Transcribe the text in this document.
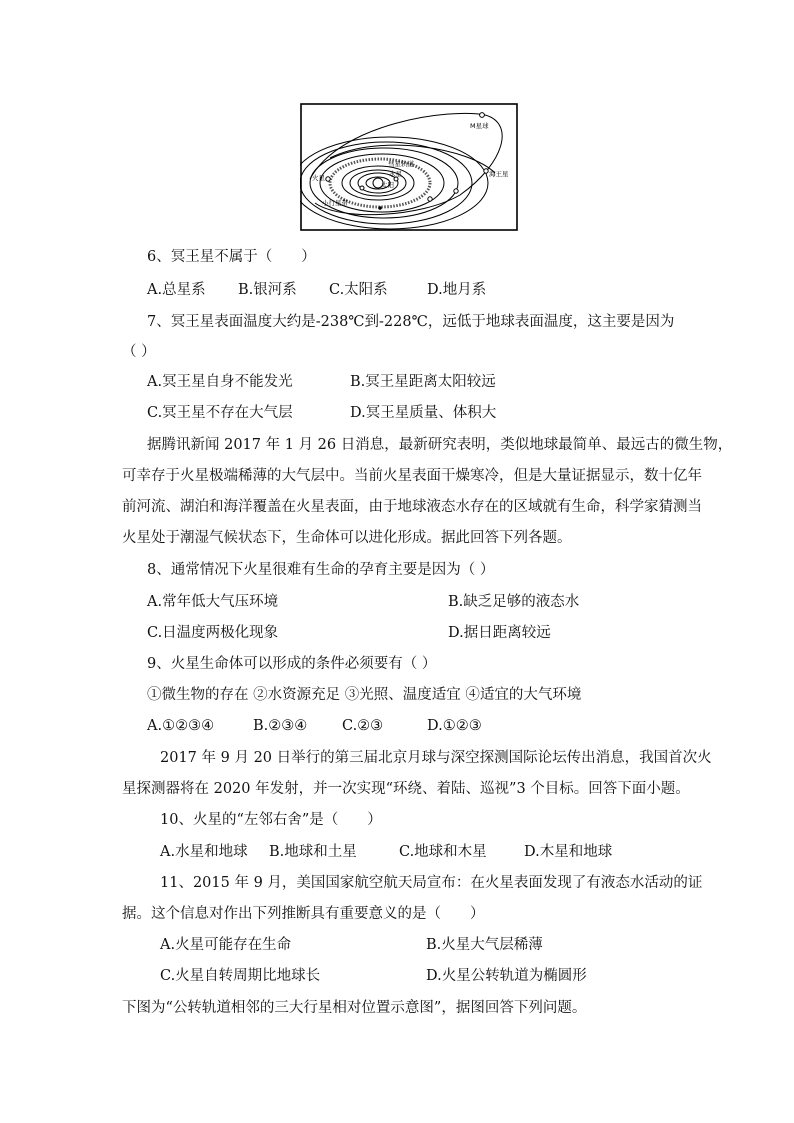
M星球
彗星轨道
海王星
火星	水星
太阳
小行星带
6、冥王星不属于（　　）
A.总星系 B.银河系 C.太阳系	D.地月系
7、冥王星表面温度大约是-238℃到-228℃，远低于地球表面温度，这主要是因为
（ ）
A.冥王星自身不能发光	B.冥王星距离太阳较远
C.冥王星不存在大气层	D.冥王星质量、体积大
据腾讯新闻 2017 年 1 月 26 日消息，最新研究表明，类似地球最简单、最远古的微生物，
可幸存于火星极端稀薄的大气层中。当前火星表面干燥寒冷，但是大量证据显示，数十亿年
前河流、湖泊和海洋覆盖在火星表面，由于地球液态水存在的区域就有生命，科学家猜测当
火星处于潮湿气候状态下，生命体可以进化形成。据此回答下列各题。
8、通常情况下火星很难有生命的孕育主要是因为（ ）
A.常年低大气压环境	B.缺乏足够的液态水
C.日温度两极化现象	D.据日距离较远
9、火星生命体可以形成的条件必须要有（ ）
①微生物的存在 ②水资源充足 ③光照、温度适宜 ④适宜的大气环境
A.①②③④	B.②③④ C.②③	D.①②③
2017 年 9 月 20 日举行的第三届北京月球与深空探测国际论坛传出消息，我国首次火
星探测器将在 2020 年发射，并一次实现“环绕、着陆、巡视”3 个目标。回答下面小题。
10、火星的“左邻右舍”是（　　）
A.水星和地球 B.地球和土星	C.地球和木星	D.木星和地球
11、2015 年 9 月，美国国家航空航天局宣布：在火星表面发现了有液态水活动的证
据。这个信息对作出下列推断具有重要意义的是（　　）
A.火星可能存在生命	B.火星大气层稀薄
C.火星自转周期比地球长	D.火星公转轨道为椭圆形
下图为“公转轨道相邻的三大行星相对位置示意图”，据图回答下列问题。
